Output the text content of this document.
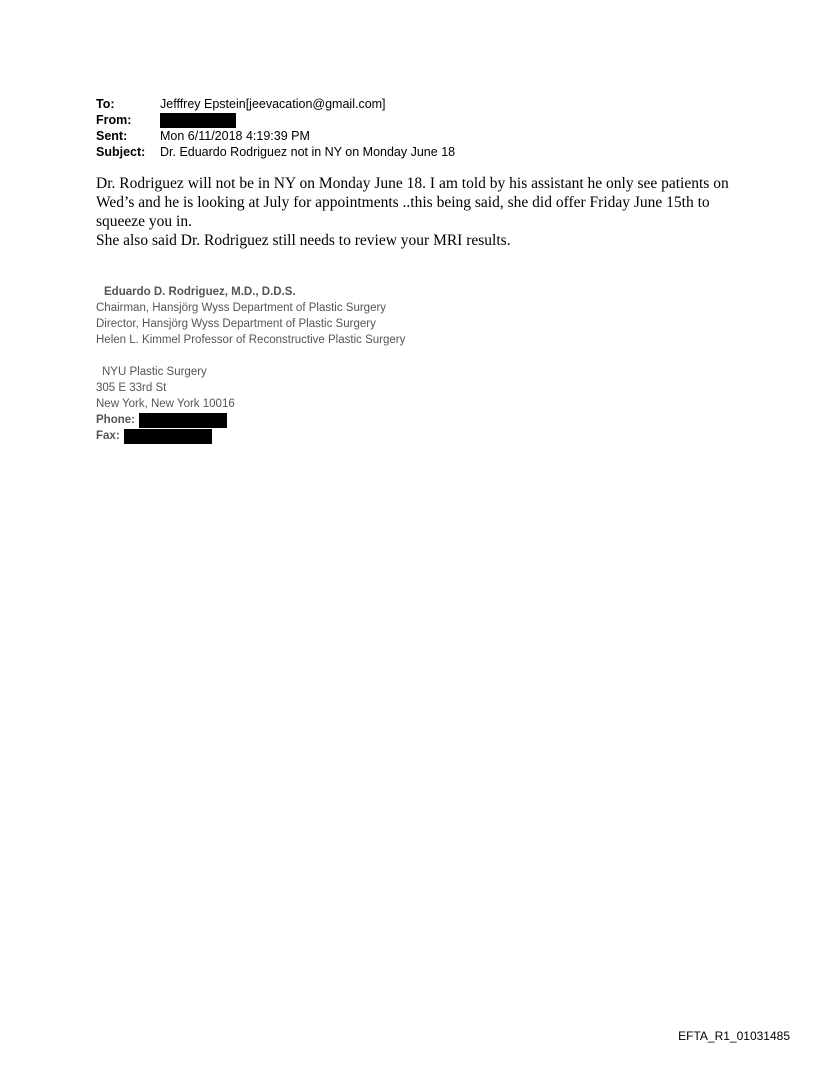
To:	Jefffrey Epstein[jeevacation@gmail.com]
From:
Sent:	Mon 6/11/2018 4:19:39 PM
Subject:	Dr. Eduardo Rodriguez not in NY on Monday June 18

Dr. Rodriguez will not be in NY on Monday June 18. I am told by his assistant he only see patients on Wed’s and he is looking at July for appointments ..this being said, she did offer Friday June 15th to squeeze you in.

She also said Dr. Rodriguez still needs to review your MRI results.

Eduardo D. Rodriguez, M.D., D.D.S.
Chairman, Hansjörg Wyss Department of Plastic Surgery
Director, Hansjörg Wyss Department of Plastic Surgery
Helen L. Kimmel Professor of Reconstructive Plastic Surgery
NYU Plastic Surgery
305 E 33rd St
New York, New York 10016
Phone:
Fax:
EFTA_R1_01031485
